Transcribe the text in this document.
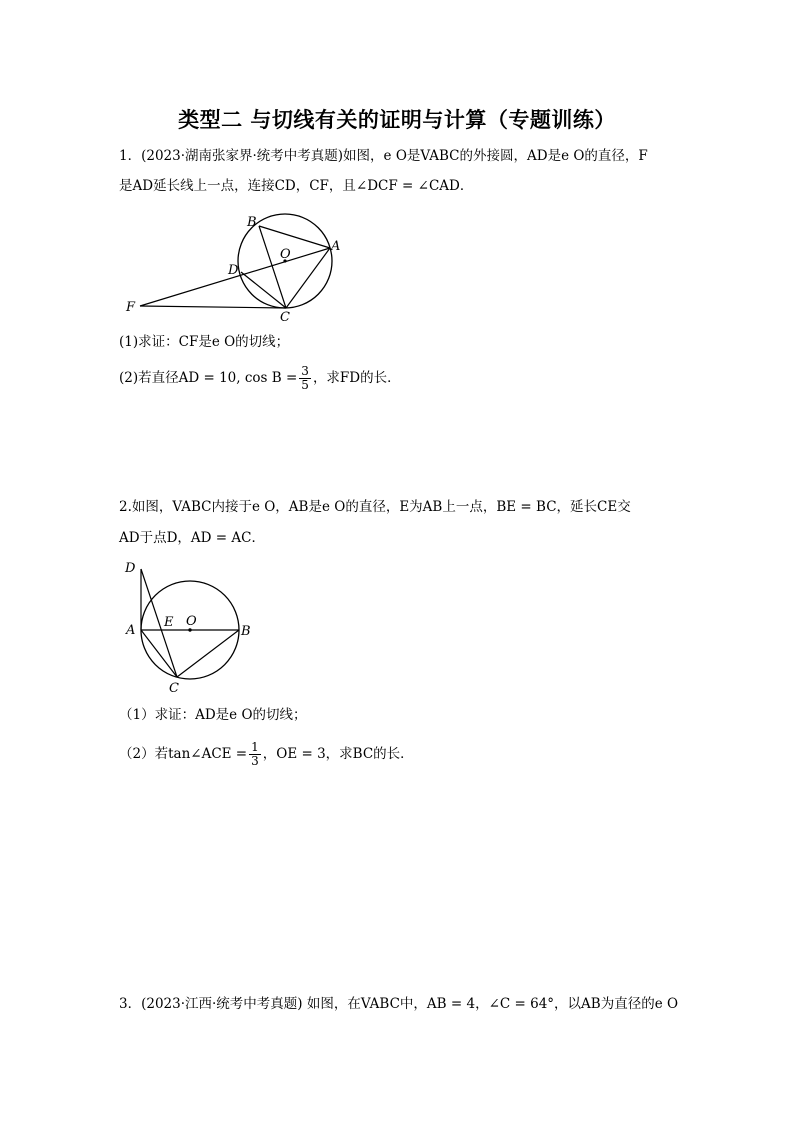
类型二 与切线有关的证明与计算（专题训练）
1．(2023·湖南张家界·统考中考真题)如图，e O是VABC的外接圆，AD是e O的直径，F
是AD延长线上一点，连接CD，CF，且∠DCF = ∠CAD．
B
O
A
D
F
C
(1)求证：CF是e O的切线；
(2)若直径AD = 10, $\cos B = \frac{3}{5}$ ，求FD的长．
2.如图，VABC内接于e O，AB是e O的直径，E为AB上一点，BE = BC，延长CE交
AD于点D，AD = AC．
D
A
E O
B
C
（1）求证：AD是e O的切线；
（2）若tan∠ACE = $\frac{1}{3}$ ，OE = 3，求BC的长．
3．(2023·江西·统考中考真题) 如图，在VABC中，AB = 4，∠C = 64°，以AB为直径的e O
